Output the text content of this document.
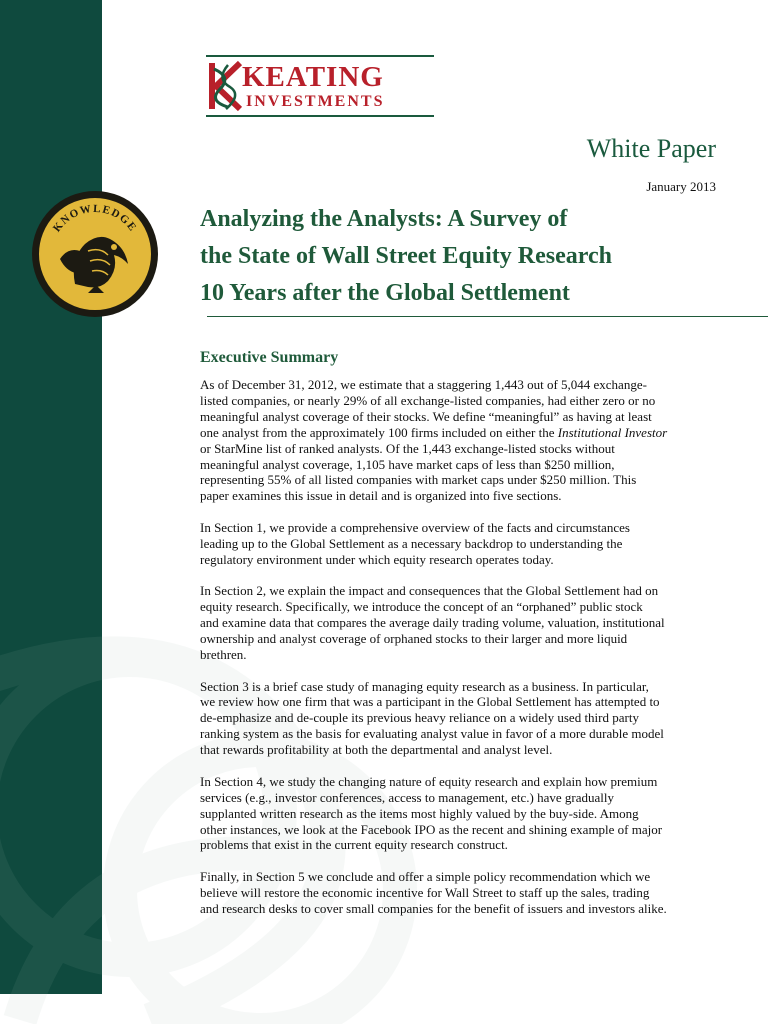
KEATING
INVESTMENTS
KNOWLEDGE
White Paper
January 2013
Analyzing the Analysts: A Survey of
the State of Wall Street Equity Research
10 Years after the Global Settlement
Executive Summary

As of December 31, 2012, we estimate that a staggering 1,443 out of 5,044 exchange-
listed companies, or nearly 29% of all exchange-listed companies, had either zero or no
meaningful analyst coverage of their stocks. We define “meaningful” as having at least
one analyst from the approximately 100 firms included on either the Institutional Investor
or StarMine list of ranked analysts. Of the 1,443 exchange-listed stocks without
meaningful analyst coverage, 1,105 have market caps of less than $250 million,
representing 55% of all listed companies with market caps under $250 million. This
paper examines this issue in detail and is organized into five sections.

In Section 1, we provide a comprehensive overview of the facts and circumstances
leading up to the Global Settlement as a necessary backdrop to understanding the
regulatory environment under which equity research operates today.

In Section 2, we explain the impact and consequences that the Global Settlement had on
equity research. Specifically, we introduce the concept of an “orphaned” public stock
and examine data that compares the average daily trading volume, valuation, institutional
ownership and analyst coverage of orphaned stocks to their larger and more liquid
brethren.

Section 3 is a brief case study of managing equity research as a business. In particular,
we review how one firm that was a participant in the Global Settlement has attempted to
de-emphasize and de-couple its previous heavy reliance on a widely used third party
ranking system as the basis for evaluating analyst value in favor of a more durable model
that rewards profitability at both the departmental and analyst level.

In Section 4, we study the changing nature of equity research and explain how premium
services (e.g., investor conferences, access to management, etc.) have gradually
supplanted written research as the items most highly valued by the buy-side. Among
other instances, we look at the Facebook IPO as the recent and shining example of major
problems that exist in the current equity research construct.

Finally, in Section 5 we conclude and offer a simple policy recommendation which we
believe will restore the economic incentive for Wall Street to staff up the sales, trading
and research desks to cover small companies for the benefit of issuers and investors alike.
